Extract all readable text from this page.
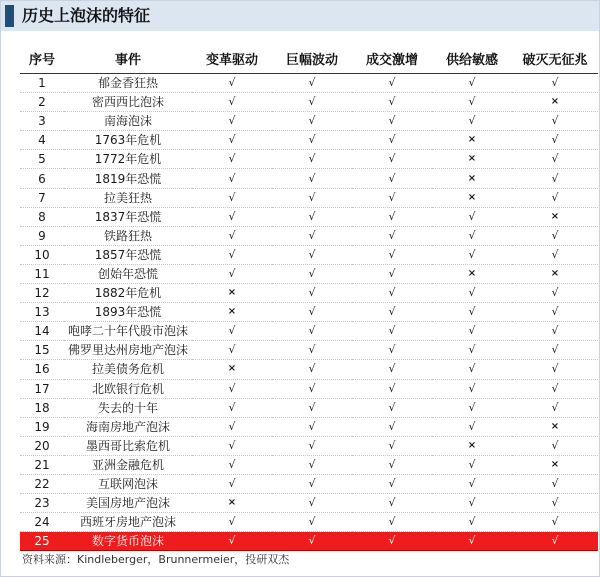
历史上泡沫的特征
序号	事件	变革驱动	巨幅波动	成交激增	供给敏感	破灭无征兆
1	郁金香狂热	√	√	√	√	√
2	密西西比泡沫	√	√	√	√	×
3	南海泡沫	√	√	√	√	√
4	1763年危机	√	√	√	×	√
5	1772年危机	√	√	√	×	√
6	1819年恐慌	√	√	√	×	√
7	拉美狂热	√	√	√	×	√
8	1837年恐慌	√	√	√	√	×
9	铁路狂热	√	√	√	√	√
10	1857年恐慌	√	√	√	√	√
11	创始年恐慌	√	√	√	×	×
12	1882年危机	×	√	√	√	√
13	1893年恐慌	×	√	√	√	√
14	咆哮二十年代股市泡沫	√	√	√	√	√
15	佛罗里达州房地产泡沫	√	√	√	√	√
16	拉美债务危机	×	√	√	√	√
17	北欧银行危机	√	√	√	√	√
18	失去的十年	√	√	√	√	√
19	海南房地产泡沫	√	√	√	√	×
20	墨西哥比索危机	√	√	√	×	√
21	亚洲金融危机	√	√	√	√	×
22	互联网泡沫	√	√	√	√	√
23	美国房地产泡沫	×	√	√	√	√
24	西班牙房地产泡沫	√	√	√	√	√
25	数字货币泡沫	√	√	√	√	√
资料来源：Kindleberger，Brunnermeier，投研双杰
